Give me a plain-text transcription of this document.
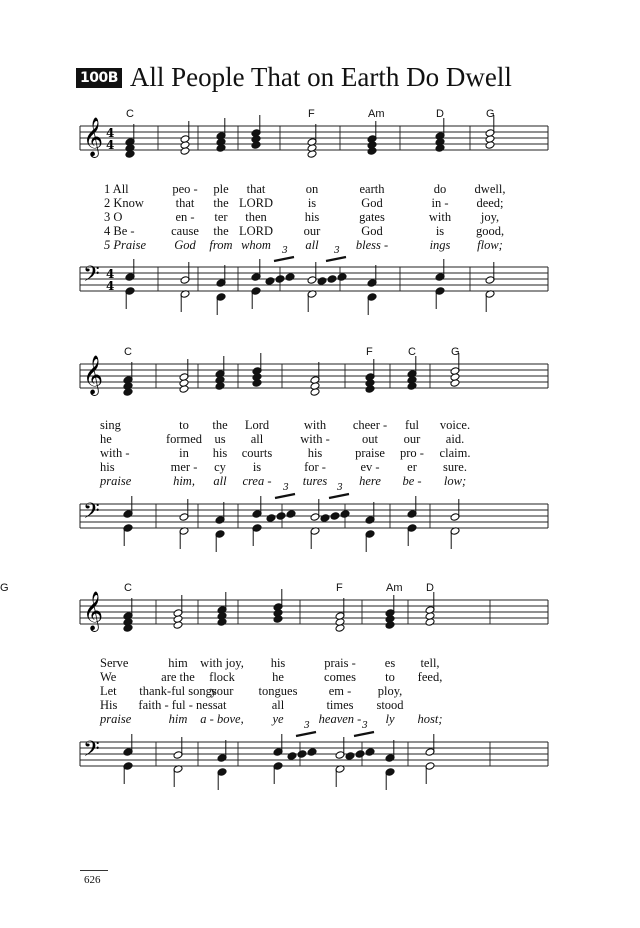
100B All People That on Earth Do Dwell
𝄞
𝄢
4
4
4
4
3	3
𝄞
𝄢
3	3
𝄞
𝄢
3	3
C	F	Am	D	G
1 All	peo - ple that	on	earth	do dwell,
2 Know	that the LORD	is	God	in - deed;
3 O	en - ter then	his	gates	with joy,
4 Be -	cause the LORD our	God	is	good,
5 Praise God from whom	all	bless -	ings flow;
C	F	C	G
sing	to the Lord	with cheer - ful voice.
he	formed us all	with -	out our aid.
with -	in his courts	his	praise pro - claim.
his	mer - cy is	for -	ev - er sure.
praise	him, all crea - tures	here be - low;
C	F	Am D
G
Serve	him with joy, his	prais - es tell,
We	are the flock	he	comes to feed,
Let thank-ful songs
your tongues	em - ploy,
His faith - ful - ness at	all	times stood
praise	him a - bove, ye	heaven - ly host;
626
